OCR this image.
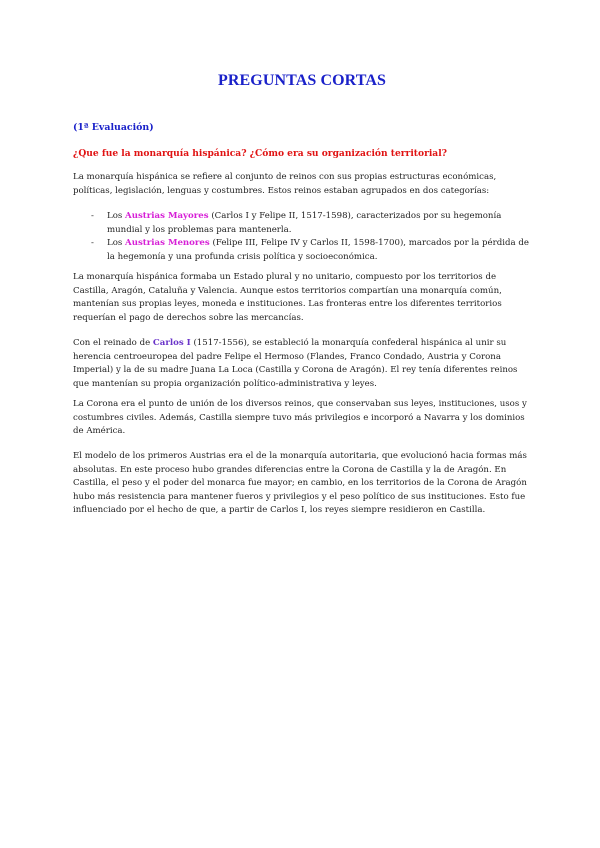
PREGUNTAS CORTAS

(1ª Evaluación)

¿Que fue la monarquía hispánica? ¿Cómo era su organización territorial?

La monarquía hispánica se refiere al conjunto de reinos con sus propias estructuras económicas, políticas, legislación, lenguas y costumbres. Estos reinos estaban agrupados en dos categorías:

- Los Austrias Mayores (Carlos I y Felipe II, 1517-1598), caracterizados por su hegemonía mundial y los problemas para mantenerla.
- Los Austrias Menores (Felipe III, Felipe IV y Carlos II, 1598-1700), marcados por la pérdida de la hegemonía y una profunda crisis política y socioeconómica.

La monarquía hispánica formaba un Estado plural y no unitario, compuesto por los territorios de Castilla, Aragón, Cataluña y Valencia. Aunque estos territorios compartían una monarquía común, mantenían sus propias leyes, moneda e instituciones. Las fronteras entre los diferentes territorios requerían el pago de derechos sobre las mercancías.

Con el reinado de Carlos I (1517-1556), se estableció la monarquía confederal hispánica al unir su herencia centroeuropea del padre Felipe el Hermoso (Flandes, Franco Condado, Austria y Corona Imperial) y la de su madre Juana La Loca (Castilla y Corona de Aragón). El rey tenía diferentes reinos que mantenían su propia organización político-administrativa y leyes.

La Corona era el punto de unión de los diversos reinos, que conservaban sus leyes, instituciones, usos y costumbres civiles. Además, Castilla siempre tuvo más privilegios e incorporó a Navarra y los dominios de América.

El modelo de los primeros Austrias era el de la monarquía autoritaria, que evolucionó hacia formas más absolutas. En este proceso hubo grandes diferencias entre la Corona de Castilla y la de Aragón. En Castilla, el peso y el poder del monarca fue mayor; en cambio, en los territorios de la Corona de Aragón hubo más resistencia para mantener fueros y privilegios y el peso político de sus instituciones. Esto fue influenciado por el hecho de que, a partir de Carlos I, los reyes siempre residieron en Castilla.
